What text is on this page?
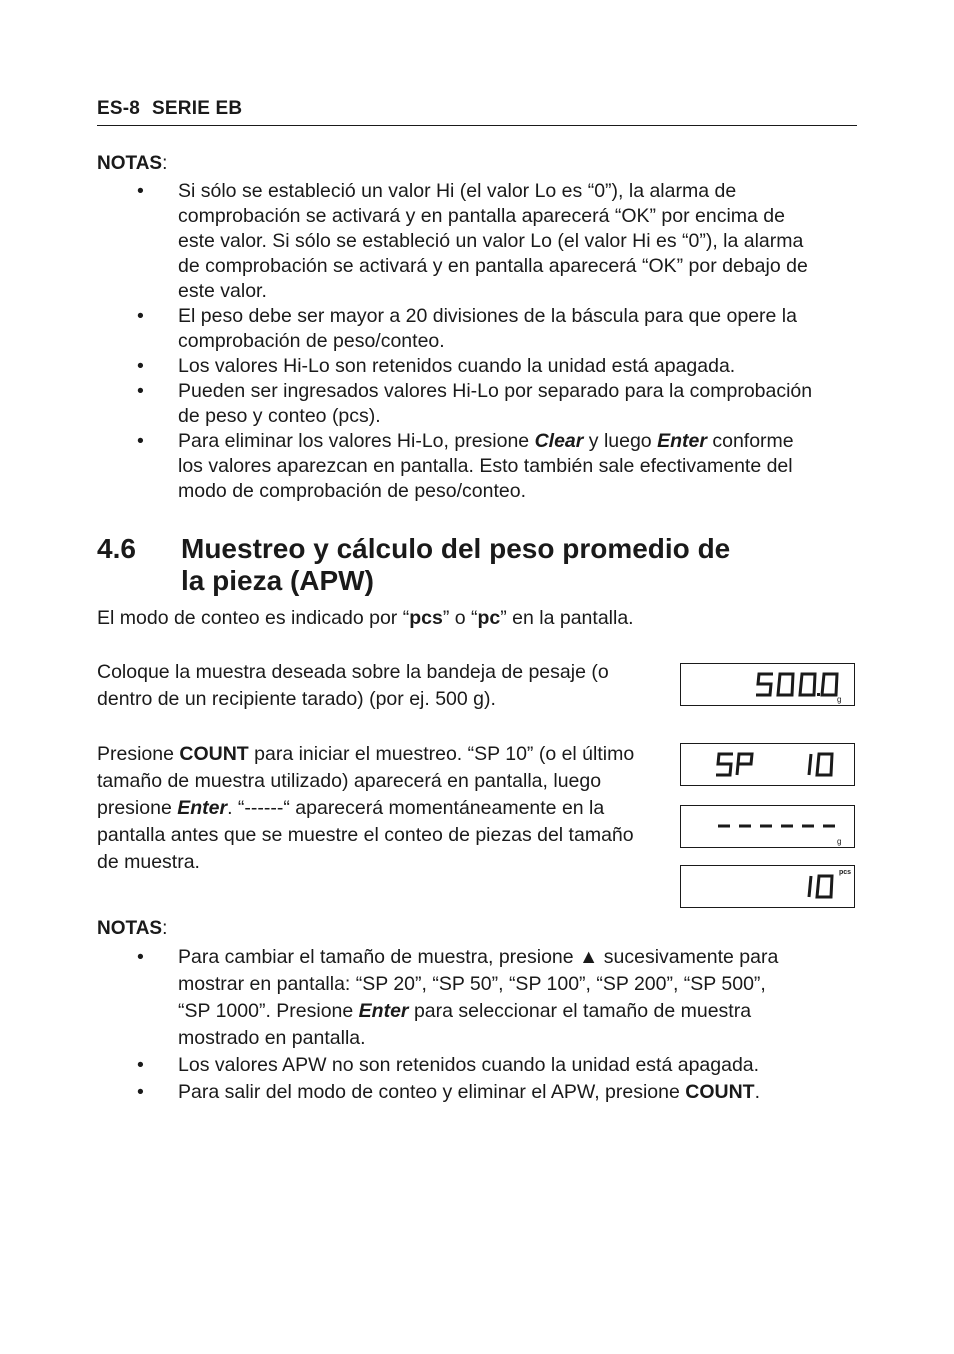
ES-8 SERIE EB
NOTAS:
• Si sólo se estableció un valor Hi (el valor Lo es “0”), la alarma de
comprobación se activará y en pantalla aparecerá “OK” por encima de
este valor. Si sólo se estableció un valor Lo (el valor Hi es “0”), la alarma
de comprobación se activará y en pantalla aparecerá “OK” por debajo de
este valor.
• El peso debe ser mayor a 20 divisiones de la báscula para que opere la
comprobación de peso/conteo.
• Los valores Hi-Lo son retenidos cuando la unidad está apagada.
• Pueden ser ingresados valores Hi-Lo por separado para la comprobación
de peso y conteo (pcs).
• Para eliminar los valores Hi-Lo, presione Clear y luego Enter conforme
los valores aparezcan en pantalla. Esto también sale efectivamente del
modo de comprobación de peso/conteo.
4.6 Muestreo y cálculo del peso promedio de
la pieza (APW)
El modo de conteo es indicado por “pcs” o “pc” en la pantalla.
Coloque la muestra deseada sobre la bandeja de pesaje (o
dentro de un recipiente tarado) (por ej. 500 g).
Presione COUNT para iniciar el muestreo. “SP 10” (o el último
tamaño de muestra utilizado) aparecerá en pantalla, luego
presione Enter. “------“ aparecerá momentáneamente en la
pantalla antes que se muestre el conteo de piezas del tamaño
de muestra.
g
500.0
SP 10
g
------
pcs
10
NOTAS:
• Para cambiar el tamaño de muestra, presione ▲ sucesivamente para
mostrar en pantalla: “SP 20”, “SP 50”, “SP 100”, “SP 200”, “SP 500”,
“SP 1000”. Presione Enter para seleccionar el tamaño de muestra
mostrado en pantalla.
• Los valores APW no son retenidos cuando la unidad está apagada.
• Para salir del modo de conteo y eliminar el APW, presione COUNT.
